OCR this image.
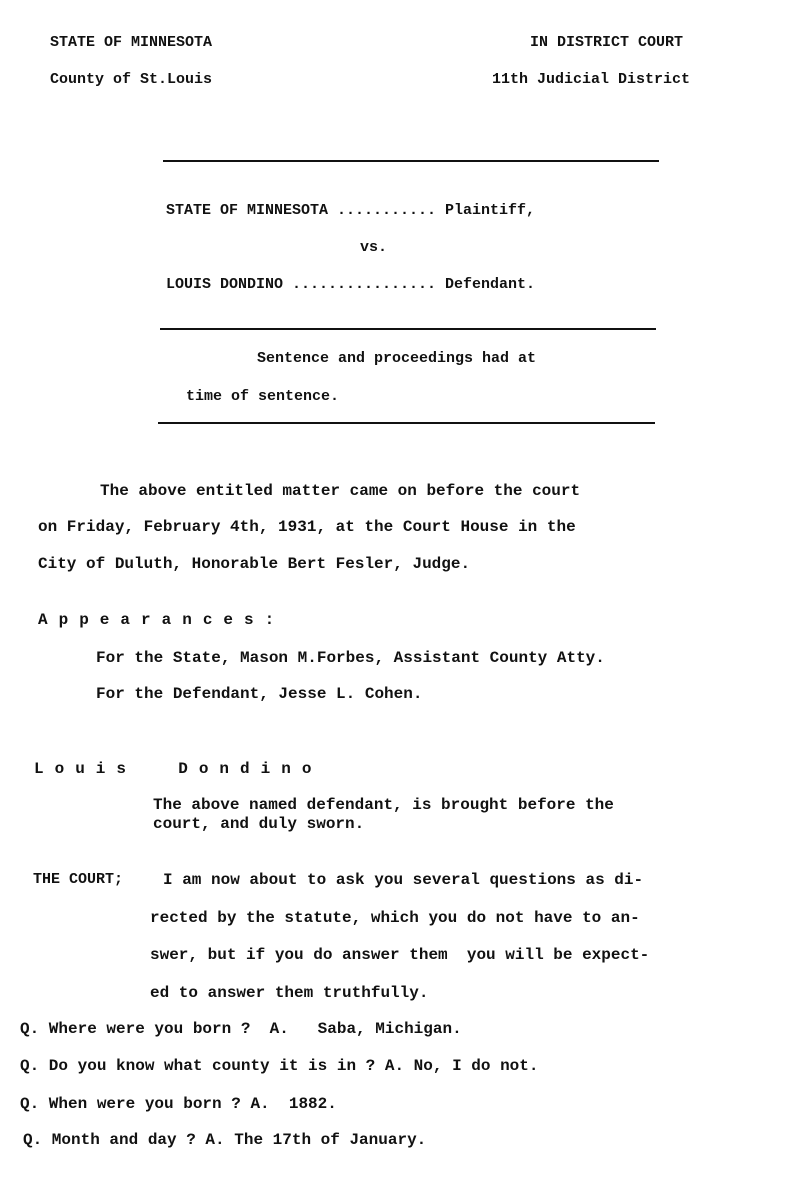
STATE OF MINNESOTA
County of St.Louis
IN DISTRICT COURT
11th Judicial District
STATE OF MINNESOTA ........... Plaintiff,
vs.
LOUIS DONDINO ................ Defendant.
Sentence and proceedings had at
time of sentence.
The above entitled matter came on before the court
on Friday, February 4th, 1931, at the Court House in the
City of Duluth, Honorable Bert Fesler, Judge.
Appearances:
For the State, Mason M.Forbes, Assistant County Atty.
For the Defendant, Jesse L. Cohen.
Louis  Dondino
The above named defendant, is brought before the
court, and duly sworn.
THE COURT; I am now about to ask you several questions as di-
rected by the statute, which you do not have to an-
swer, but if you do answer them  you will be expect-
ed to answer them truthfully.
Q. Where were you born ?  A.   Saba, Michigan.
Q. Do you know what county it is in ? A. No, I do not.
Q. When were you born ? A.  1882.
Q. Month and day ? A. The 17th of January.
